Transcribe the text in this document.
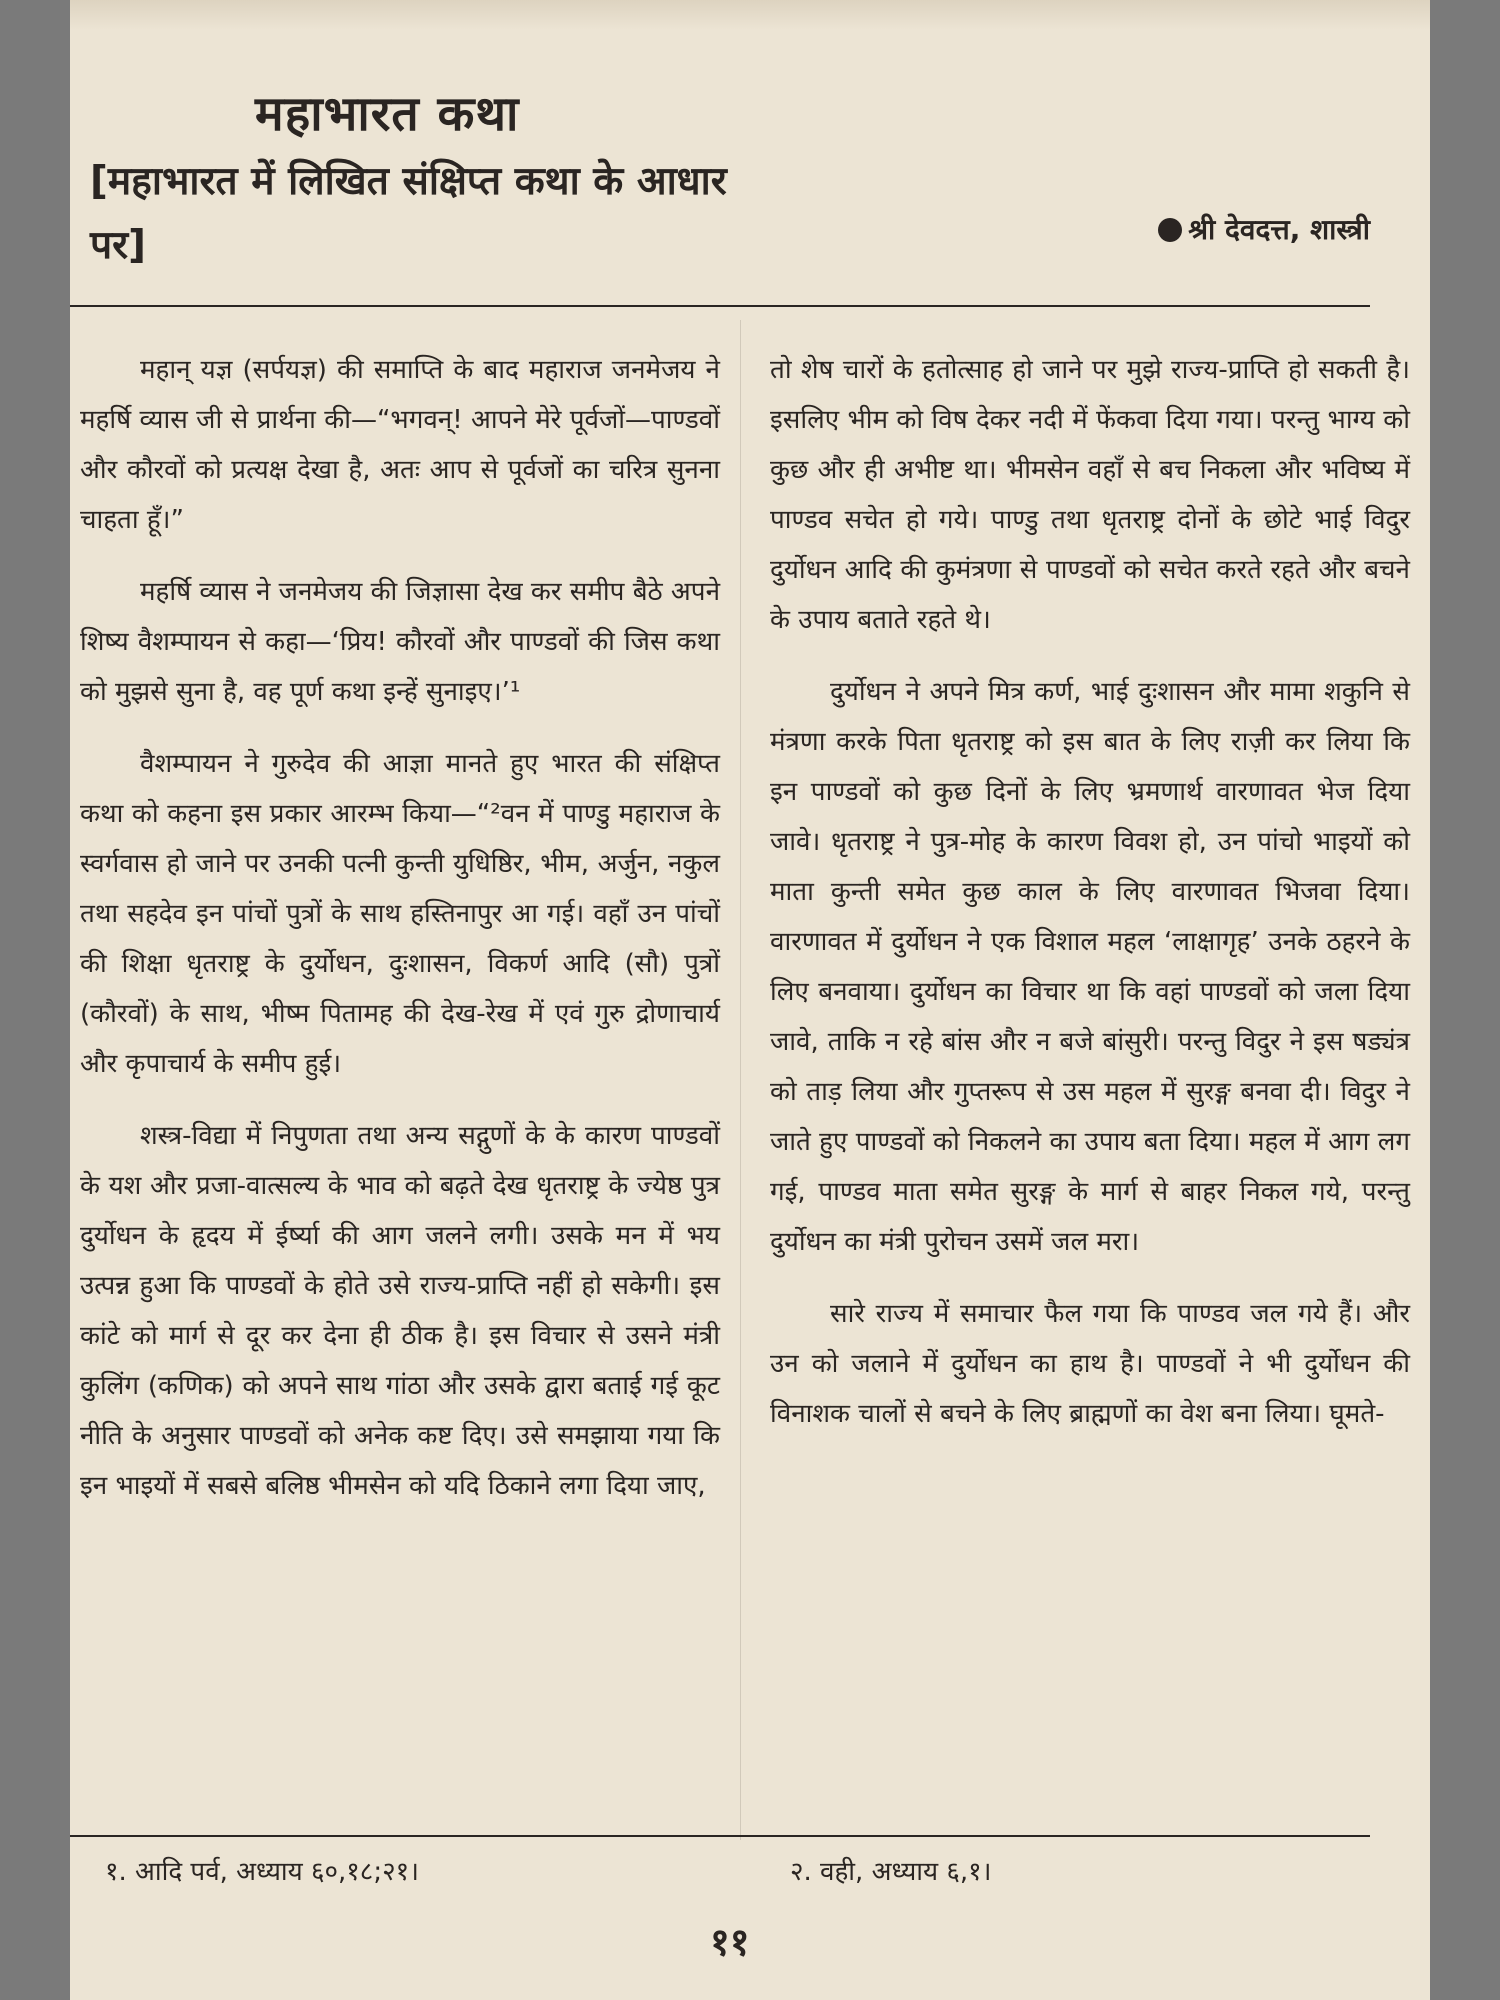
महाभारत कथा
[महाभारत में लिखित संक्षिप्त कथा के आधार पर]	श्री देवदत्त, शास्त्री

महान् यज्ञ (सर्पयज्ञ) की समाप्ति के बाद महाराज जनमेजय ने महर्षि व्यास जी से प्रार्थना की—“भगवन्! आपने मेरे पूर्वजों—पाण्डवों और कौरवों को प्रत्यक्ष देखा है, अतः आप से पूर्वजों का चरित्र सुनना चाहता हूँ।”

महर्षि व्यास ने जनमेजय की जिज्ञासा देख कर समीप बैठे अपने शिष्य वैशम्पायन से कहा—‘प्रिय! कौरवों और पाण्डवों की जिस कथा को मुझसे सुना है, वह पूर्ण कथा इन्हें सुनाइए।’¹

वैशम्पायन ने गुरुदेव की आज्ञा मानते हुए भारत की संक्षिप्त कथा को कहना इस प्रकार आरम्भ किया—“²वन में पाण्डु महाराज के स्वर्गवास हो जाने पर उनकी पत्नी कुन्ती युधिष्ठिर, भीम, अर्जुन, नकुल तथा सहदेव इन पांचों पुत्रों के साथ हस्तिनापुर आ गई। वहाँ उन पांचों की शिक्षा धृतराष्ट्र के दुर्योधन, दुःशासन, विकर्ण आदि (सौ) पुत्रों (कौरवों) के साथ, भीष्म पितामह की देख-रेख में एवं गुरु द्रोणाचार्य और कृपाचार्य के समीप हुई।

शस्त्र-विद्या में निपुणता तथा अन्य सद्गुणों के के कारण पाण्डवों के यश और प्रजा-वात्सल्य के भाव को बढ़ते देख धृतराष्ट्र के ज्येष्ठ पुत्र दुर्योधन के हृदय में ईर्ष्या की आग जलने लगी। उसके मन में भय उत्पन्न हुआ कि पाण्डवों के होते उसे राज्य-प्राप्ति नहीं हो सकेगी। इस कांटे को मार्ग से दूर कर देना ही ठीक है। इस विचार से उसने मंत्री कुलिंग (कणिक) को अपने साथ गांठा और उसके द्वारा बताई गई कूट नीति के अनुसार पाण्डवों को अनेक कष्ट दिए। उसे समझाया गया कि इन भाइयों में सबसे बलिष्ठ भीमसेन को यदि ठिकाने लगा दिया जाए,

तो शेष चारों के हतोत्साह हो जाने पर मुझे राज्य-प्राप्ति हो सकती है। इसलिए भीम को विष देकर नदी में फेंकवा दिया गया। परन्तु भाग्य को कुछ और ही अभीष्ट था। भीमसेन वहाँ से बच निकला और भविष्य में पाण्डव सचेत हो गये। पाण्डु तथा धृतराष्ट्र दोनों के छोटे भाई विदुर दुर्योधन आदि की कुमंत्रणा से पाण्डवों को सचेत करते रहते और बचने के उपाय बताते रहते थे।

दुर्योधन ने अपने मित्र कर्ण, भाई दुःशासन और मामा शकुनि से मंत्रणा करके पिता धृतराष्ट्र को इस बात के लिए राज़ी कर लिया कि इन पाण्डवों को कुछ दिनों के लिए भ्रमणार्थ वारणावत भेज दिया जावे। धृतराष्ट्र ने पुत्र-मोह के कारण विवश हो, उन पांचो भाइयों को माता कुन्ती समेत कुछ काल के लिए वारणावत भिजवा दिया। वारणावत में दुर्योधन ने एक विशाल महल ‘लाक्षागृह’ उनके ठहरने के लिए बनवाया। दुर्योधन का विचार था कि वहां पाण्डवों को जला दिया जावे, ताकि न रहे बांस और न बजे बांसुरी। परन्तु विदुर ने इस षड्यंत्र को ताड़ लिया और गुप्तरूप से उस महल में सुरङ्ग बनवा दी। विदुर ने जाते हुए पाण्डवों को निकलने का उपाय बता दिया। महल में आग लग गई, पाण्डव माता समेत सुरङ्ग के मार्ग से बाहर निकल गये, परन्तु दुर्योधन का मंत्री पुरोचन उसमें जल मरा।

सारे राज्य में समाचार फैल गया कि पाण्डव जल गये हैं। और उन को जलाने में दुर्योधन का हाथ है। पाण्डवों ने भी दुर्योधन की विनाशक चालों से बचने के लिए ब्राह्मणों का वेश बना लिया। घूमते-

१. आदि पर्व, अध्याय ६०,१८;२१।	२. वही, अध्याय ६,१।
११
